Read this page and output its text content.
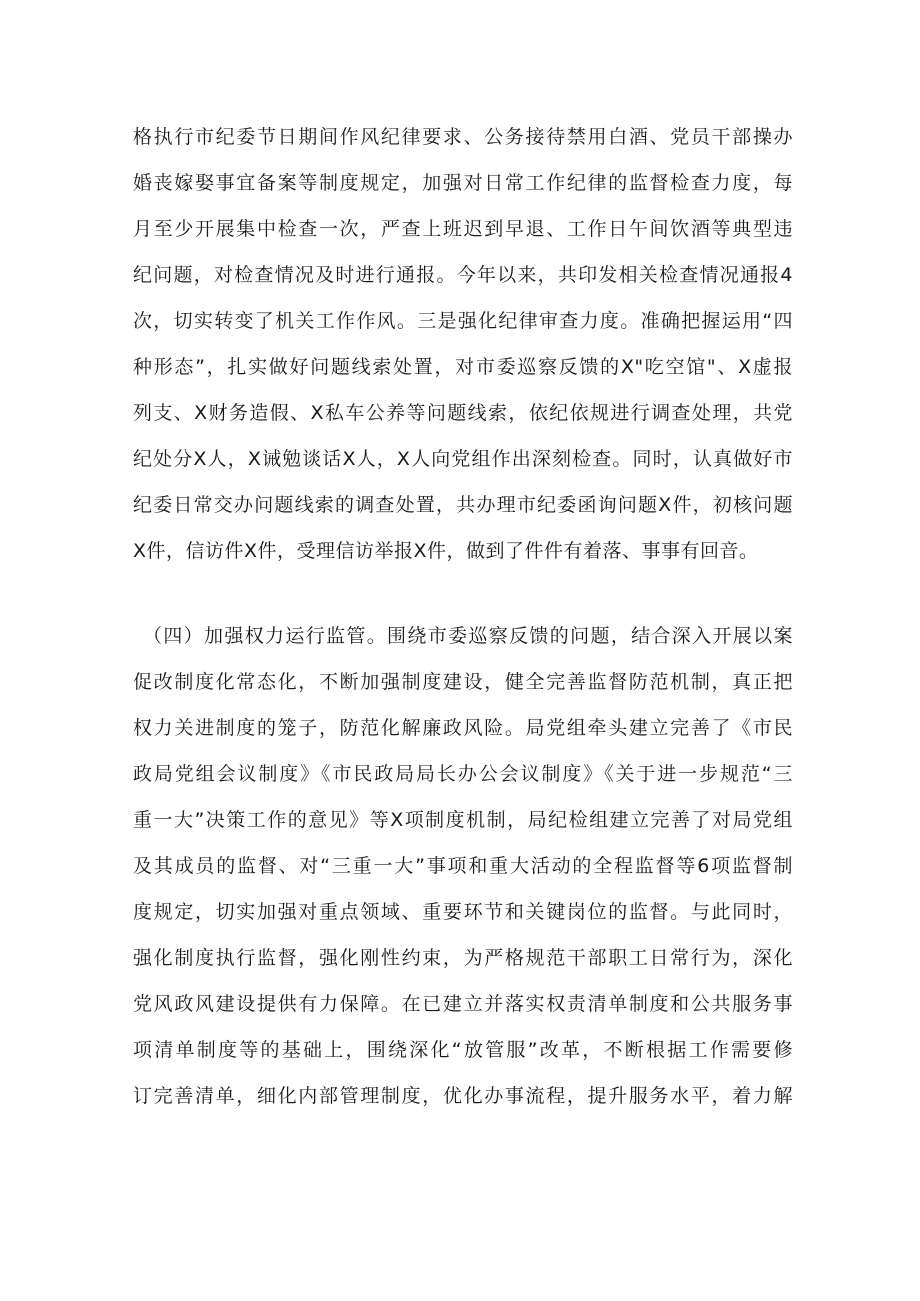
格执行市纪委节日期间作风纪律要求、公务接待禁用白酒、党员干部操办
婚丧嫁娶事宜备案等制度规定，加强对日常工作纪律的监督检查力度，每
月至少开展集中检查一次，严查上班迟到早退、工作日午间饮酒等典型违
纪问题，对检查情况及时进行通报。今年以来，共印发相关检查情况通报4
次，切实转变了机关工作作风。三是强化纪律审查力度。准确把握运用“四
种形态”，扎实做好问题线索处置，对市委巡察反馈的X"吃空馆"、X虚报
列支、X财务造假、X私车公养等问题线索，依纪依规进行调查处理，共党
纪处分X人，X诫勉谈话X人，X人向党组作出深刻检查。同时，认真做好市
纪委日常交办问题线索的调查处置，共办理市纪委函询问题X件，初核问题
X件，信访件X件，受理信访举报X件，做到了件件有着落、事事有回音。
（四）加强权力运行监管。围绕市委巡察反馈的问题，结合深入开展以案
促改制度化常态化，不断加强制度建设，健全完善监督防范机制，真正把
权力关进制度的笼子，防范化解廉政风险。局党组牵头建立完善了《市民
政局党组会议制度》《市民政局局长办公会议制度》《关于进一步规范“三
重一大”决策工作的意见》等X项制度机制，局纪检组建立完善了对局党组
及其成员的监督、对“三重一大”事项和重大活动的全程监督等6项监督制
度规定，切实加强对重点领域、重要环节和关键岗位的监督。与此同时，
强化制度执行监督，强化刚性约束，为严格规范干部职工日常行为，深化
党风政风建设提供有力保障。在已建立并落实权责清单制度和公共服务事
项清单制度等的基础上，围绕深化“放管服”改革，不断根据工作需要修
订完善清单，细化内部管理制度，优化办事流程，提升服务水平，着力解
